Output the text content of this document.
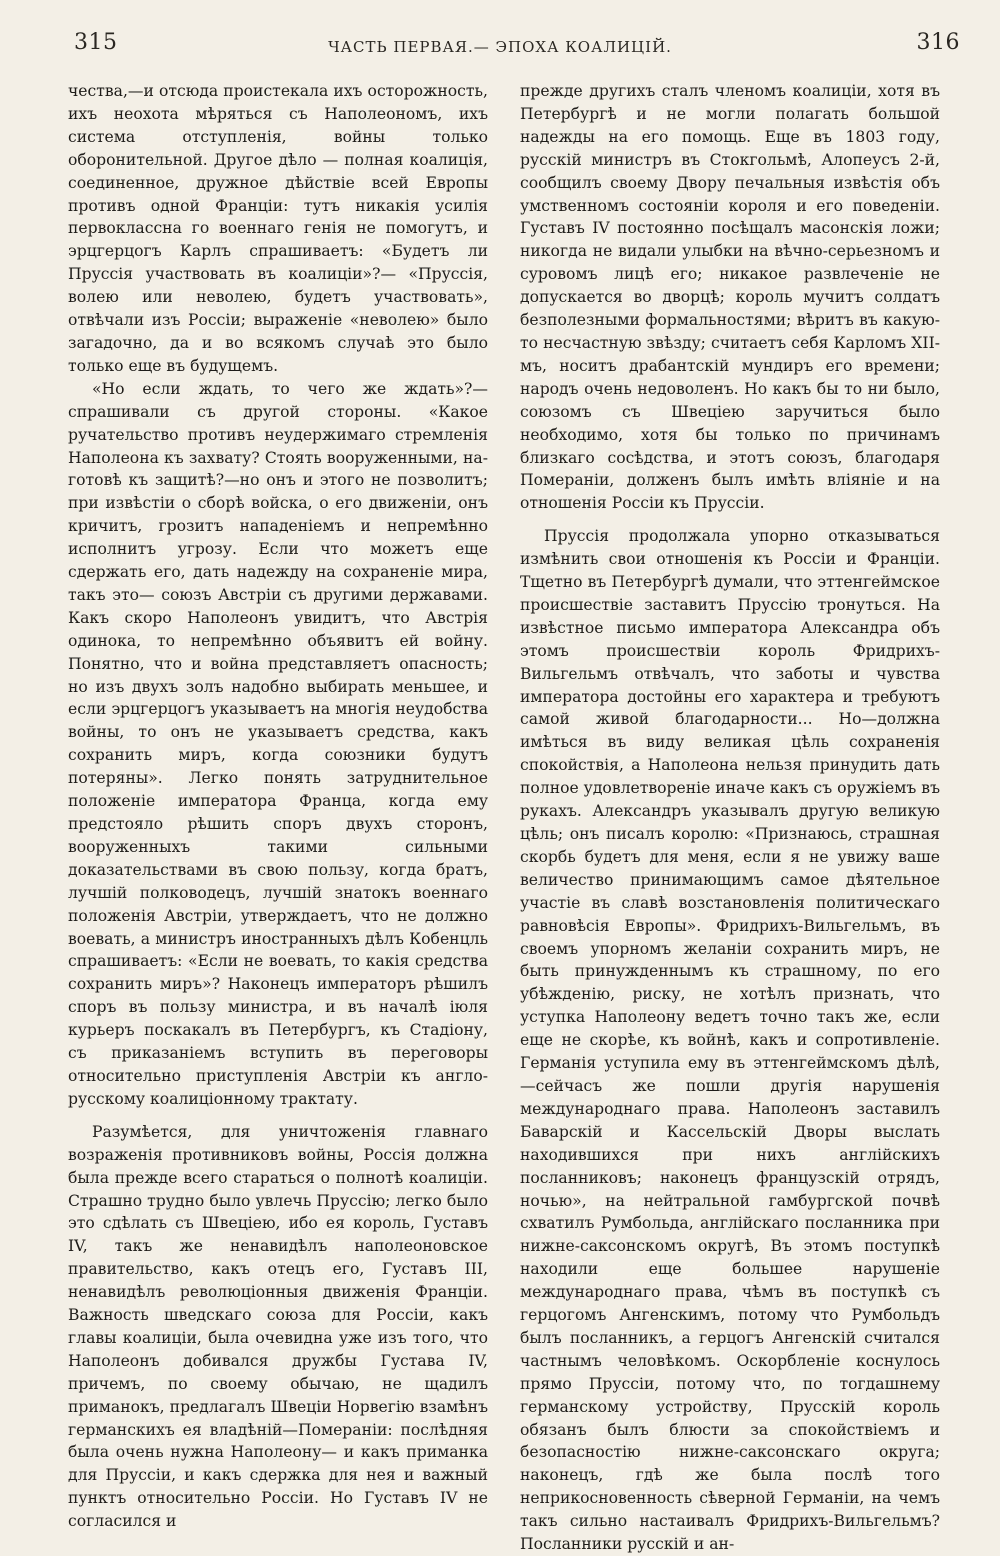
315	ЧАСТЬ ПЕРВАЯ.— ЭПОХА КОАЛИЦІЙ.	316

чества,—и отсюда проистекала ихъ осторожность, ихъ неохота мѣряться съ Наполеономъ, ихъ система отступленія, войны только оборонительной. Другое дѣло — полная коалиція, соединенное, дружное дѣйствіе всей Европы противъ одной Франціи: тутъ никакія усилія первоклассна го военнаго генія не помогутъ, и эрцгерцогъ Карлъ спрашиваетъ: «Будетъ ли Пруссія участвовать въ коалиціи»?— «Пруссія, волею или неволею, будетъ участвовать», отвѣчали изъ Россіи; выраженіе «неволею» было загадочно, да и во всякомъ случаѣ это было только еще въ будущемъ.

«Но если ждать, то чего же ждать»?—спрашивали съ другой стороны. «Какое ручательство противъ неудержимаго стремленія Наполеона къ захвату? Стоять вооруженными, на-готовѣ къ защитѣ?—но онъ и этого не позволитъ; при извѣстіи о сборѣ войска, о его движеніи, онъ кричитъ, грозитъ нападеніемъ и непремѣнно исполнитъ угрозу. Если что можетъ еще сдержать его, дать надежду на сохраненіе мира, такъ это— союзъ Австріи съ другими державами. Какъ скоро Наполеонъ увидитъ, что Австрія одинока, то непремѣнно объявитъ ей войну. Понятно, что и война представляетъ опасность; но изъ двухъ золъ надобно выбирать меньшее, и если эрцгерцогъ указываетъ на многія неудобства войны, то онъ не указываетъ средства, какъ сохранить миръ, когда союзники будутъ потеряны». Легко понять затруднительное положеніе императора Франца, когда ему предстояло рѣшить споръ двухъ сторонъ, вооруженныхъ такими сильными доказательствами въ свою пользу, когда братъ, лучшій полководецъ, лучшій знатокъ военнаго положенія Австріи, утверждаетъ, что не должно воевать, а министръ иностранныхъ дѣлъ Кобенцль спрашиваетъ: «Если не воевать, то какія средства сохранить миръ»? Наконецъ императоръ рѣшилъ споръ въ пользу министра, и въ началѣ іюля курьеръ поскакалъ въ Петербургъ, къ Стадіону, съ приказаніемъ вступить въ переговоры относительно приступленія Австріи къ англо-русскому коалиціонному трактату.

Разумѣется, для уничтоженія главнаго возраженія противниковъ войны, Россія должна была прежде всего стараться о полнотѣ коалиціи. Страшно трудно было увлечь Пруссію; легко было это сдѣлать съ Швеціею, ибо ея король, Густавъ IV, такъ же ненавидѣлъ наполеоновское правительство, какъ отецъ его, Густавъ III, ненавидѣлъ революціонныя движенія Франціи. Важность шведскаго союза для Россіи, какъ главы коалиціи, была очевидна уже изъ того, что Наполеонъ добивался дружбы Густава IV, причемъ, по своему обычаю, не щадилъ приманокъ, предлагалъ Швеціи Норвегію взамѣнъ германскихъ ея владѣній—Помераніи: послѣдняя была очень нужна Наполеону— и какъ приманка для Пруссіи, и какъ сдержка для нея и важный пунктъ относительно Россіи. Но Густавъ IV не согласился и

прежде другихъ сталъ членомъ коалиціи, хотя въ Петербургѣ и не могли полагать большой надежды на его помощь. Еще въ 1803 году, русскій министръ въ Стокгольмѣ, Алопеусъ 2-й, сообщилъ своему Двору печальныя извѣстія объ умственномъ состояніи короля и его поведеніи. Густавъ IV постоянно посѣщалъ масонскія ложи; никогда не видали улыбки на вѣчно-серьезномъ и суровомъ лицѣ его; никакое развлеченіе не допускается во дворцѣ; король мучитъ солдатъ безполезными формальностями; вѣритъ въ какую-то несчастную звѣзду; считаетъ себя Карломъ XII-мъ, носитъ драбантскій мундиръ его времени; народъ очень недоволенъ. Но какъ бы то ни было, союзомъ съ Швеціею заручиться было необходимо, хотя бы только по причинамъ близкаго сосѣдства, и этотъ союзъ, благодаря Помераніи, долженъ былъ имѣть вліяніе и на отношенія Россіи къ Пруссіи.

Пруссія продолжала упорно отказываться измѣнить свои отношенія къ Россіи и Франціи. Тщетно въ Петербургѣ думали, что эттенгеймское происшествіе заставитъ Пруссію тронуться. На извѣстное письмо императора Александра объ этомъ происшествіи король Фридрихъ-Вильгельмъ отвѣчалъ, что заботы и чувства императора достойны его характера и требуютъ самой живой благодарности... Но—должна имѣться въ виду великая цѣль сохраненія спокойствія, а Наполеона нельзя принудить дать полное удовлетвореніе иначе какъ съ оружіемъ въ рукахъ. Александръ указывалъ другую великую цѣль; онъ писалъ королю: «Признаюсь, страшная скорбь будетъ для меня, если я не увижу ваше величество принимающимъ самое дѣятельное участіе въ славѣ возстановленія политическаго равновѣсія Европы». Фридрихъ-Вильгельмъ, въ своемъ упорномъ желаніи сохранить миръ, не быть принужденнымъ къ страшному, по его убѣжденію, риску, не хотѣлъ признать, что уступка Наполеону ведетъ точно такъ же, если еще не скорѣе, къ войнѣ, какъ и сопротивленіе. Германія уступила ему въ эттенгеймскомъ дѣлѣ,—сейчасъ же пошли другія нарушенія международнаго права. Наполеонъ заставилъ Баварскій и Кассельскій Дворы выслать находившихся при нихъ англійскихъ посланниковъ; наконецъ французскій отрядъ, ночью», на нейтральной гамбургской почвѣ схватилъ Румбольда, англійскаго посланника при нижне-саксонскомъ округѣ, Въ этомъ поступкѣ находили еще большее нарушеніе международнаго права, чѣмъ въ поступкѣ съ герцогомъ Ангенскимъ, потому что Румбольдъ былъ посланникъ, а герцогъ Ангенскій считался частнымъ человѣкомъ. Оскорбленіе коснулось прямо Пруссіи, потому что, по тогдашнему германскому устройству, Прусскій король обязанъ былъ блюсти за спокойствіемъ и безопасностію нижне-саксонскаго округа; наконецъ, гдѣ же была послѣ того неприкосновенность сѣверной Германіи, на чемъ такъ сильно настаивалъ Фридрихъ-Вильгельмъ? Посланники русскій и ан-
